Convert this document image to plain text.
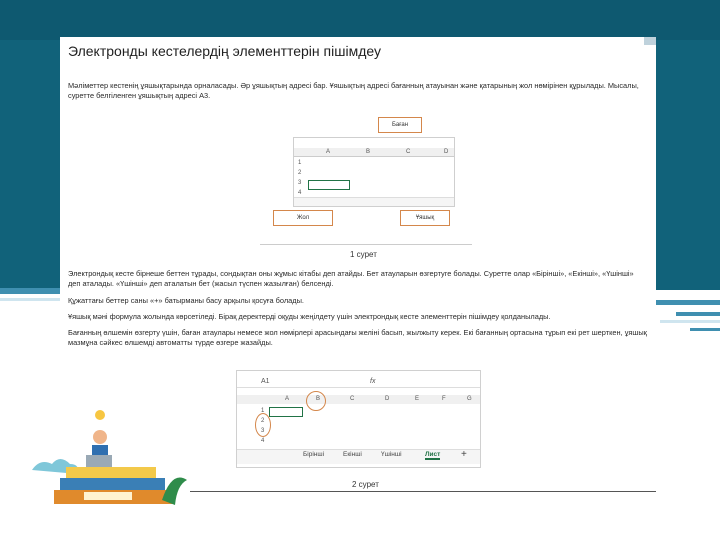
Электронды кестелердің элементтерін пішімдеу
Мәліметтер кестенің ұяшықтарында орналасады. Әр ұяшықтың адресі бар. Ұяшықтың адресі бағанның атауынан және қатарының жол нөмірінен құрылады. Мысалы, суретте белгіленген ұяшықтың адресі A3.
A	B	C	D
1
2
3
4
Баған
Жол	Ұяшық
1 сурет
Электрондық кесте бірнеше беттен тұрады, сондықтан оны жұмыс кітабы деп атайды. Бет атауларын өзгертуге болады. Суретте олар «Бірінші», «Екінші», «Үшінші» деп аталады. «Үшінші» деп аталатын бет (жасыл түспен жазылған) белсенді.
Құжаттағы беттер саны «+» батырманы басу арқылы қосуға болады.
Ұяшық мәні формула жолында көрсетіледі. Бірақ деректерді оқуды жеңілдету үшін электрондық кесте элементтерін пішімдеу қолданылады.
Бағанның өлшемін өзгерту үшін, баған атаулары немесе жол нөмірлері арасындағы желіні басып, жылжыту керек. Екі бағанның ортасына тұрып екі рет шерткен, ұяшық мазмұна сәйкес өлшемді автоматты түрде өзгере жазайды.
A1	fx
A	B	C	D	E	F	G
1
2
3
4
Бірінші	Екінші	Үшінші	Лист +
2 сурет
